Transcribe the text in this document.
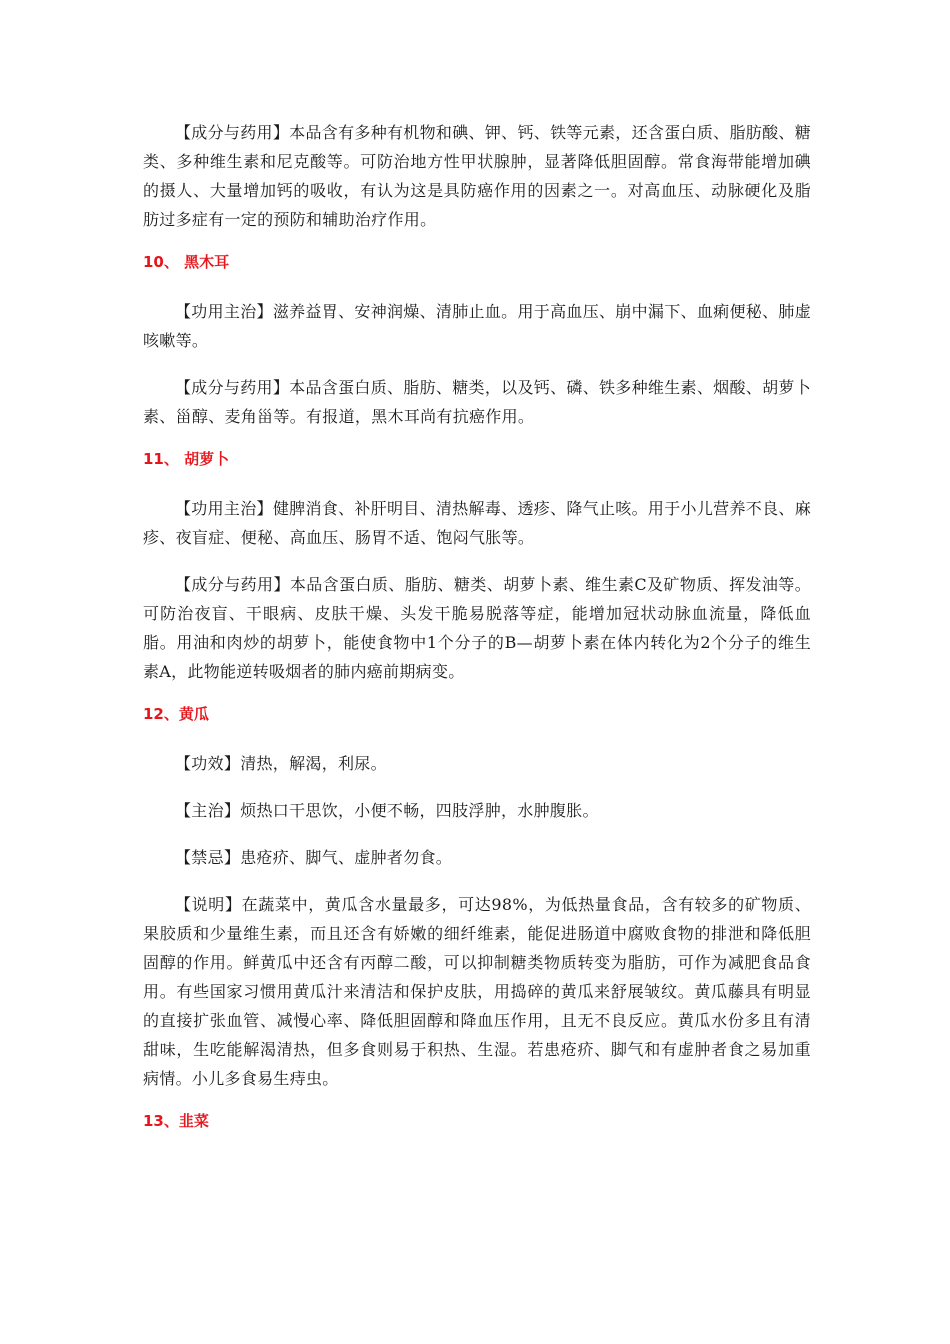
【成分与药用】本品含有多种有机物和碘、钾、钙、铁等元素，还含蛋白质、脂肪酸、糖类、多种维生素和尼克酸等。可防治地方性甲状腺肿，显著降低胆固醇。常食海带能增加碘的摄人、大量增加钙的吸收，有认为这是具防癌作用的因素之一。对高血压、动脉硬化及脂肪过多症有一定的预防和辅助治疗作用。

10、 黑木耳

【功用主治】滋养益胃、安神润燥、清肺止血。用于高血压、崩中漏下、血痢便秘、肺虚咳嗽等。

【成分与药用】本品含蛋白质、脂肪、糖类，以及钙、磷、铁多种维生素、烟酸、胡萝卜素、甾醇、麦角甾等。有报道，黑木耳尚有抗癌作用。

11、 胡萝卜

【功用主治】健脾消食、补肝明目、清热解毒、透疹、降气止咳。用于小儿营养不良、麻疹、夜盲症、便秘、高血压、肠胃不适、饱闷气胀等。

【成分与药用】本品含蛋白质、脂肪、糖类、胡萝卜素、维生素C及矿物质、挥发油等。可防治夜盲、干眼病、皮肤干燥、头发干脆易脱落等症，能增加冠状动脉血流量，降低血脂。用油和肉炒的胡萝卜，能使食物中1个分子的B—胡萝卜素在体内转化为2个分子的维生素A，此物能逆转吸烟者的肺内癌前期病变。

12、黄瓜

【功效】清热，解渴，利尿。

【主治】烦热口干思饮，小便不畅，四肢浮肿，水肿腹胀。

【禁忌】患疮疥、脚气、虚肿者勿食。

【说明】在蔬菜中，黄瓜含水量最多，可达98%，为低热量食品，含有较多的矿物质、果胶质和少量维生素，而且还含有娇嫩的细纤维素，能促进肠道中腐败食物的排泄和降低胆固醇的作用。鲜黄瓜中还含有丙醇二酸，可以抑制糖类物质转变为脂肪，可作为减肥食品食用。有些国家习惯用黄瓜汁来清洁和保护皮肤，用捣碎的黄瓜来舒展皱纹。黄瓜藤具有明显的直接扩张血管、减慢心率、降低胆固醇和降血压作用，且无不良反应。黄瓜水份多且有清甜味，生吃能解渴清热，但多食则易于积热、生湿。若患疮疥、脚气和有虚肿者食之易加重病情。小儿多食易生痔虫。

13、韭菜
